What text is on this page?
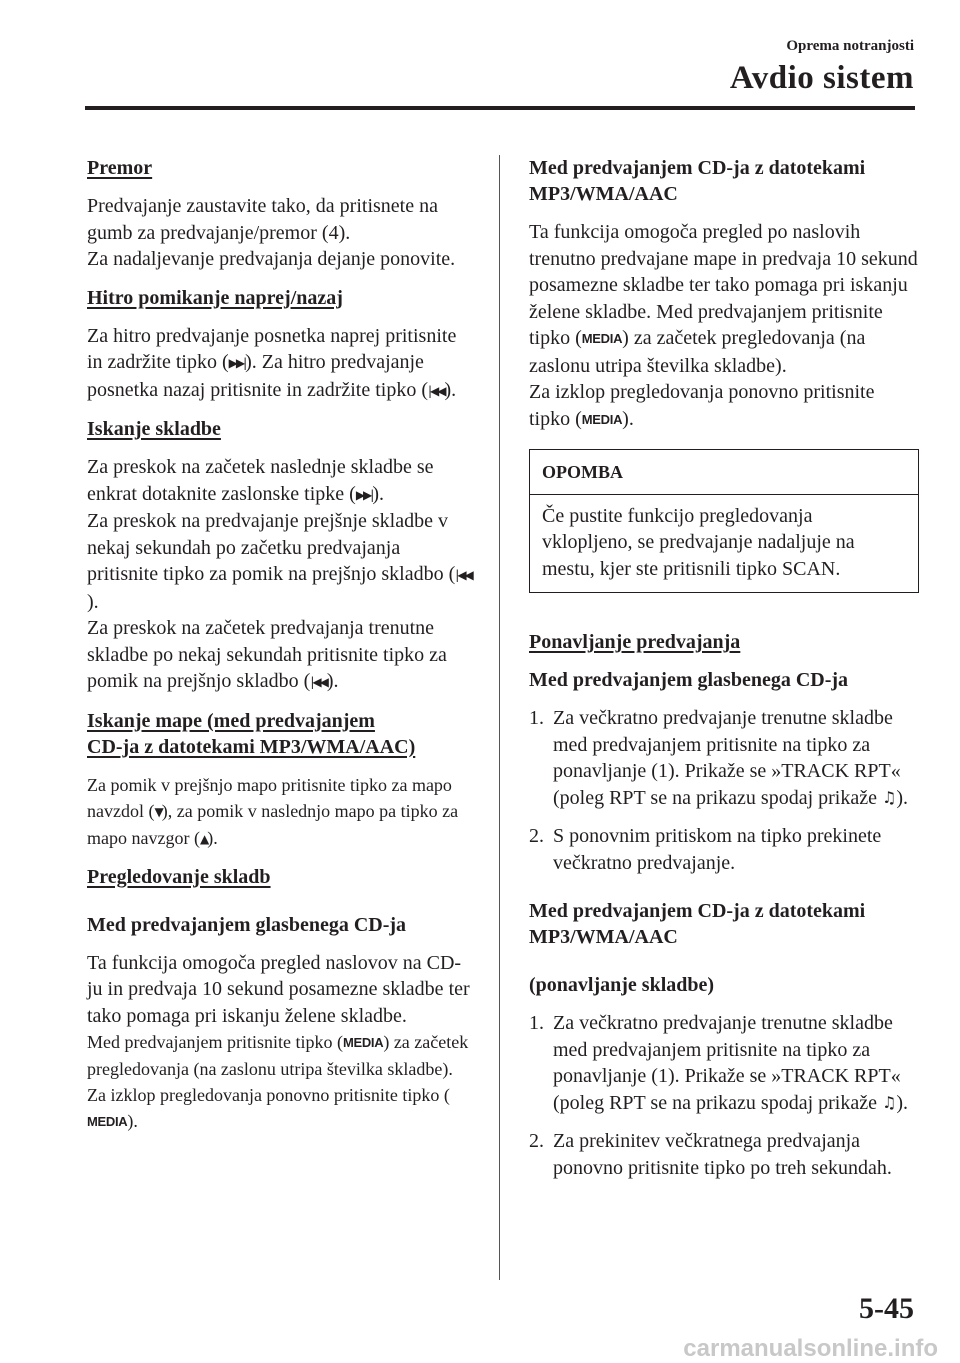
Oprema notranjosti
Avdio sistem
Premor

Predvajanje zaustavite tako, da pritisnete na gumb za predvajanje/premor (4).

Za nadaljevanje predvajanja dejanje ponovite.

Hitro pomikanje naprej/nazaj

Za hitro predvajanje posnetka naprej pritisnite in zadržite tipko (▶▶|). Za hitro predvajanje posnetka nazaj pritisnite in zadržite tipko (|◀◀).

Iskanje skladbe

Za preskok na začetek naslednje skladbe se enkrat dotaknite zaslonske tipke (▶▶|).
Za preskok na predvajanje prejšnje skladbe v nekaj sekundah po začetku predvajanja pritisnite tipko za pomik na prejšnjo skladbo (|◀◀).
Za preskok na začetek predvajanja trenutne skladbe po nekaj sekundah pritisnite tipko za pomik na prejšnjo skladbo (|◀◀).

Iskanje mape (med predvajanjem
CD-ja z datotekami MP3/WMA/AAC)

Za pomik v prejšnjo mapo pritisnite tipko za mapo navzdol (▼), za pomik v naslednjo mapo pa tipko za mapo navzgor (▲).

Pregledovanje skladb
Med predvajanjem glasbenega CD-ja

Ta funkcija omogoča pregled naslovov na CD-ju in predvaja 10 sekund posamezne skladbe ter tako pomaga pri iskanju želene skladbe.

Med predvajanjem pritisnite tipko (MEDIA) za začetek pregledovanja (na zaslonu utripa številka skladbe). Za izklop pregledovanja ponovno pritisnite tipko (MEDIA).

Med predvajanjem CD-ja z datotekami MP3/WMA/AAC

Ta funkcija omogoča pregled po naslovih trenutno predvajane mape in predvaja 10 sekund posamezne skladbe ter tako pomaga pri iskanju želene skladbe. Med predvajanjem pritisnite tipko (MEDIA) za začetek pregledovanja (na zaslonu utripa številka skladbe).
Za izklop pregledovanja ponovno pritisnite tipko (MEDIA).

OPOMBA
Če pustite funkcijo pregledovanja vklopljeno, se predvajanje nadaljuje na mestu, kjer ste pritisnili tipko SCAN.
Ponavljanje predvajanja
Med predvajanjem glasbenega CD-ja
1. Za večkratno predvajanje trenutne skladbe med predvajanjem pritisnite na tipko za ponavljanje (1). Prikaže se »TRACK RPT« (poleg RPT se na prikazu spodaj prikaže ♫).
2. S ponovnim pritiskom na tipko prekinete večkratno predvajanje.
Med predvajanjem CD-ja z datotekami MP3/WMA/AAC
(ponavljanje skladbe)
1. Za večkratno predvajanje trenutne skladbe med predvajanjem pritisnite na tipko za ponavljanje (1). Prikaže se »TRACK RPT« (poleg RPT se na prikazu spodaj prikaže ♫).
2. Za prekinitev večkratnega predvajanja ponovno pritisnite tipko po treh sekundah.
5-45
carmanualsonline.info
